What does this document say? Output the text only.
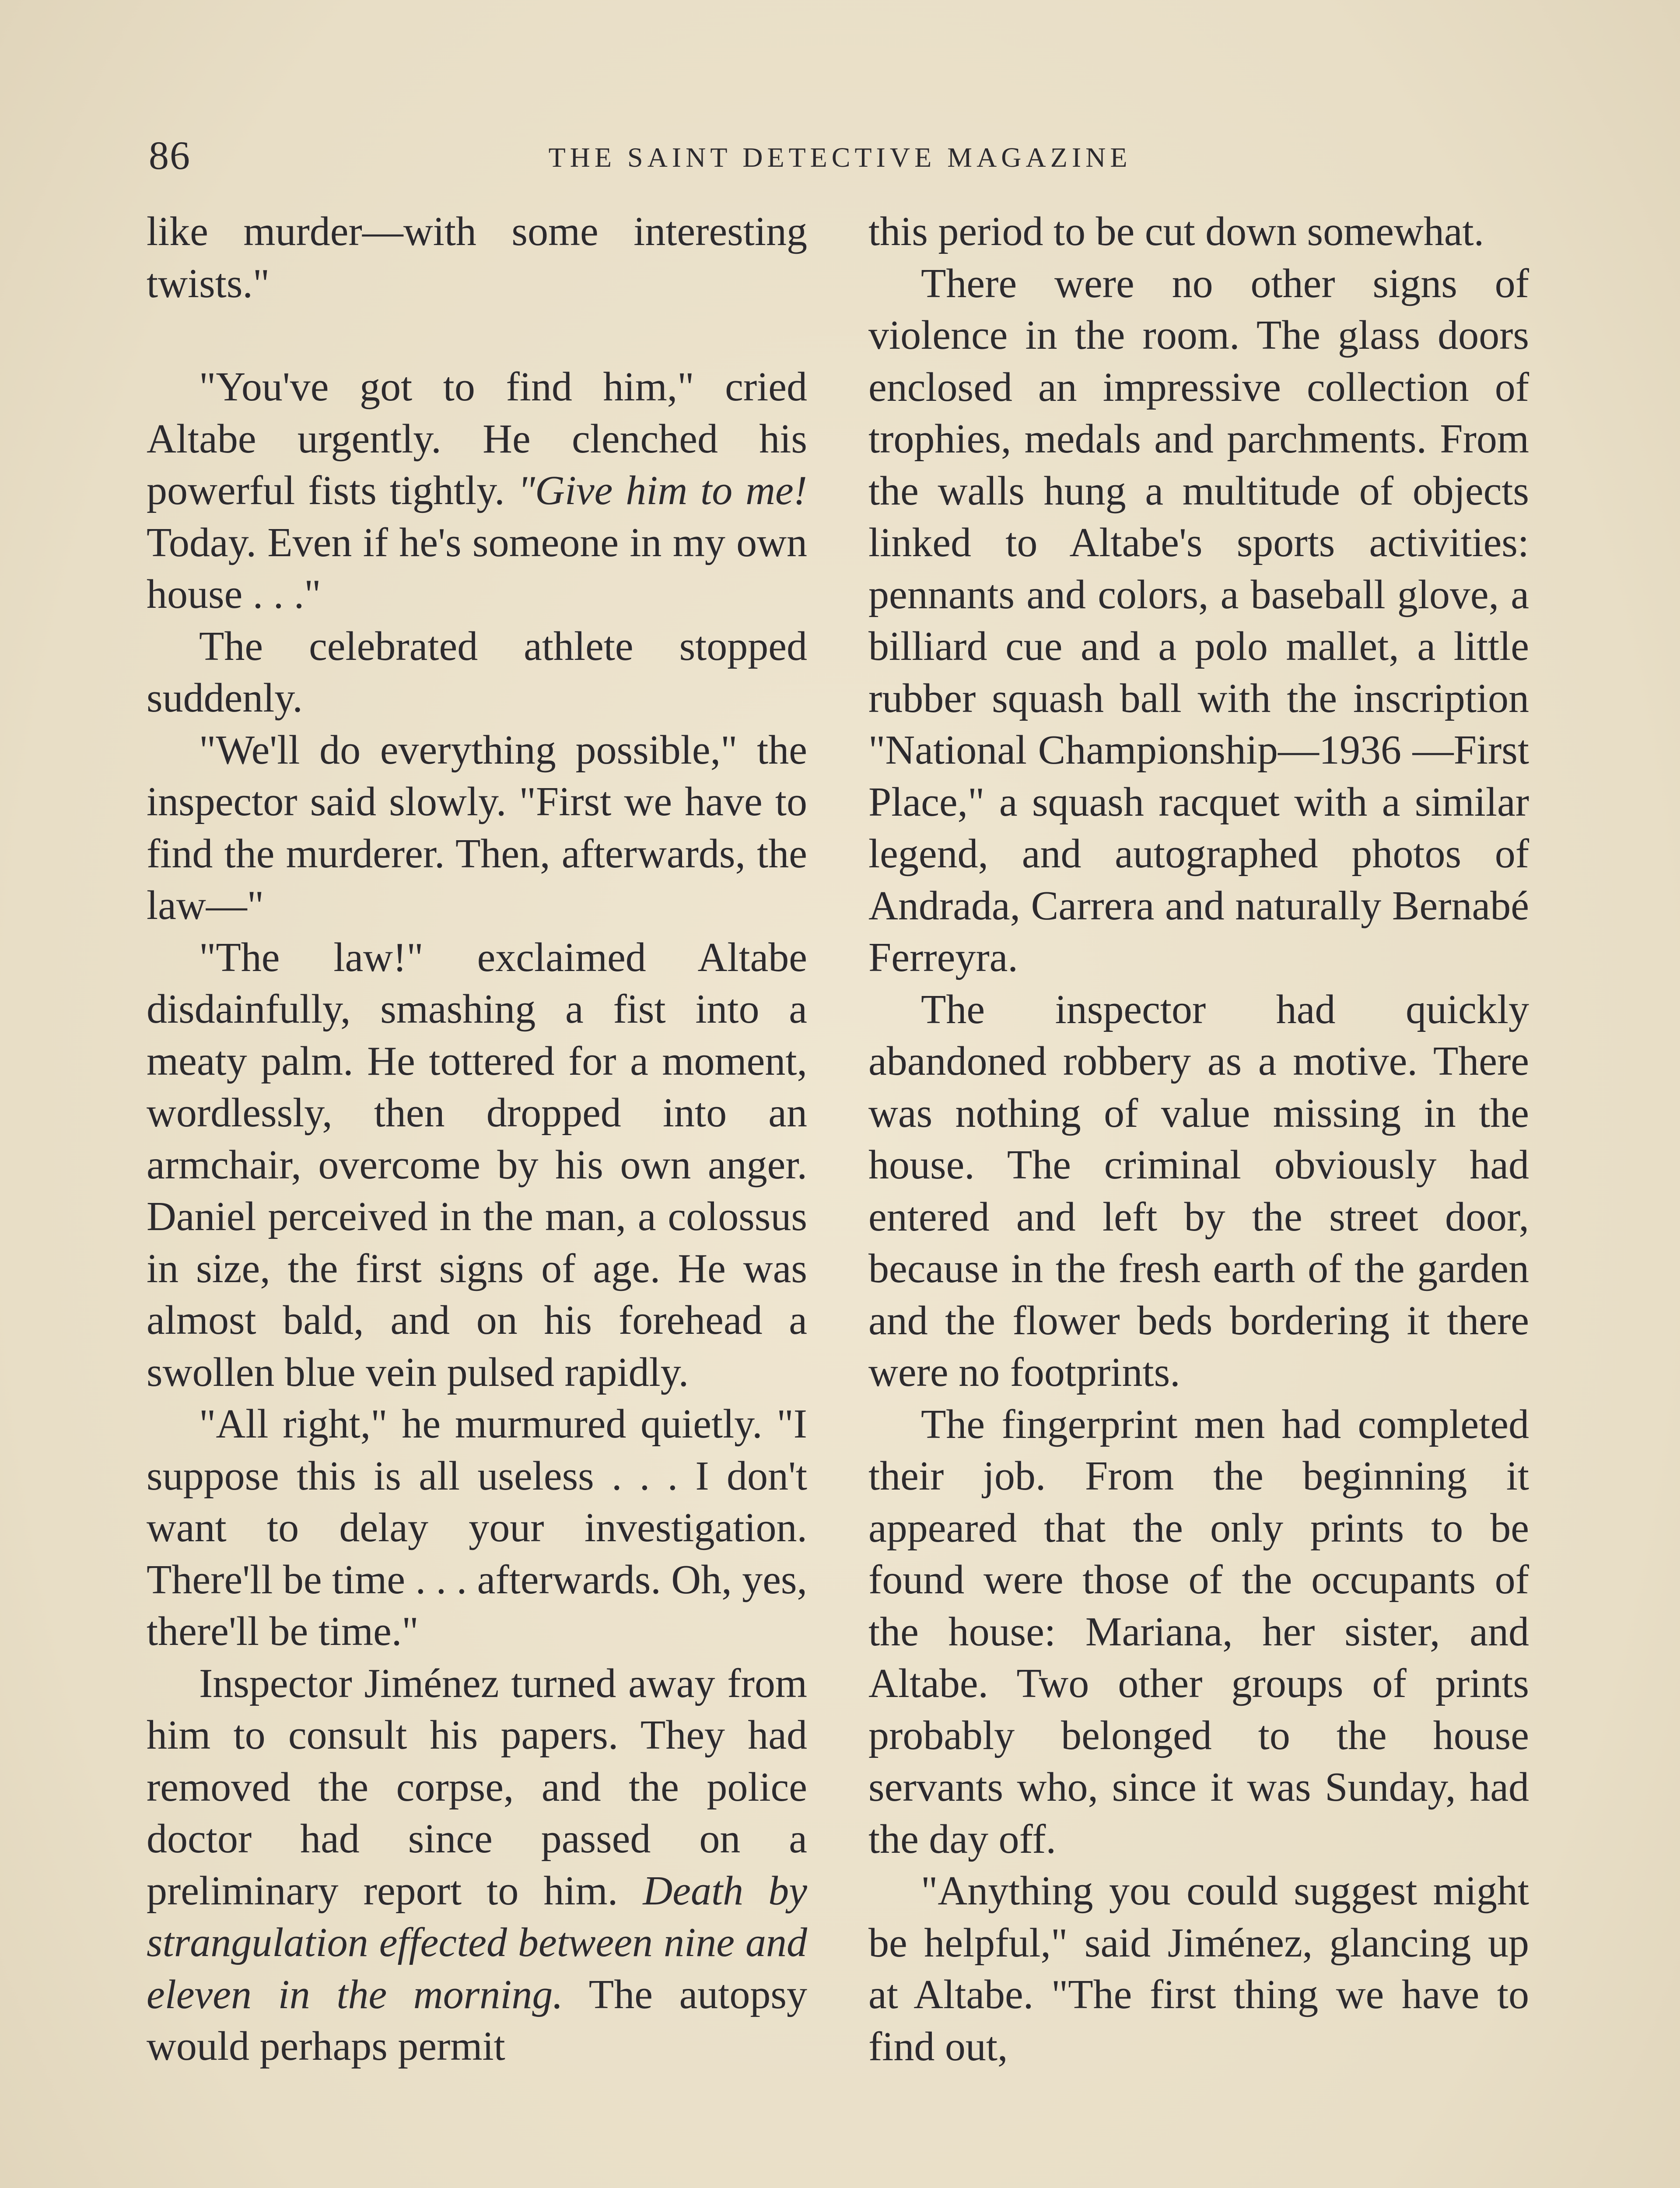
86	THE SAINT DETECTIVE MAGAZINE

like murder—with some interesting twists."

"You've got to find him," cried Altabe urgently. He clenched his powerful fists tightly. "Give him to me! Today. Even if he's someone in my own house . . ."

The celebrated athlete stopped suddenly.

"We'll do everything possible," the inspector said slowly. "First we have to find the murderer. Then, afterwards, the law—"

"The law!" exclaimed Altabe disdainfully, smashing a fist into a meaty palm. He tottered for a moment, wordlessly, then dropped into an armchair, overcome by his own anger. Daniel perceived in the man, a colossus in size, the first signs of age. He was almost bald, and on his forehead a swollen blue vein pulsed rapidly.

"All right," he murmured quietly. "I suppose this is all useless . . . I don't want to delay your investigation. There'll be time . . . afterwards. Oh, yes, there'll be time."

Inspector Jiménez turned away from him to consult his papers. They had removed the corpse, and the police doctor had since passed on a preliminary report to him. Death by strangulation effected between nine and eleven in the morning. The autopsy would perhaps permit

this period to be cut down somewhat.

There were no other signs of violence in the room. The glass doors enclosed an impressive collection of trophies, medals and parchments. From the walls hung a multitude of objects linked to Altabe's sports activities: pennants and colors, a baseball glove, a billiard cue and a polo mallet, a little rubber squash ball with the inscription "National Championship—1936 —First Place," a squash racquet with a similar legend, and autographed photos of Andrada, Carrera and naturally Bernabé Ferreyra.

The inspector had quickly abandoned robbery as a motive. There was nothing of value missing in the house. The criminal obviously had entered and left by the street door, because in the fresh earth of the garden and the flower beds bordering it there were no footprints.

The fingerprint men had completed their job. From the beginning it appeared that the only prints to be found were those of the occupants of the house: Mariana, her sister, and Altabe. Two other groups of prints probably belonged to the house servants who, since it was Sunday, had the day off.

"Anything you could suggest might be helpful," said Jiménez, glancing up at Altabe. "The first thing we have to find out,
